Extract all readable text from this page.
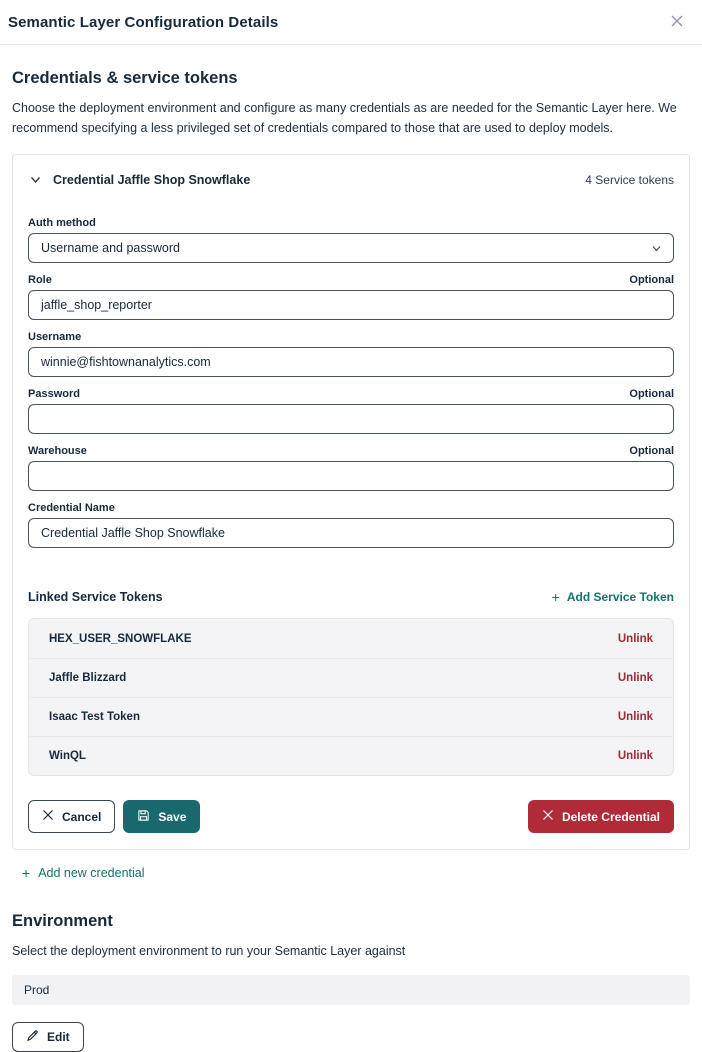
Semantic Layer Configuration Details
Credentials & service tokens

Choose the deployment environment and configure as many credentials as are needed for the Semantic Layer here. We recommend specifying a less privileged set of credentials compared to those that are used to deploy models.

Credential Jaffle Shop Snowflake	4 Service tokens
Auth method
Username and password
Role	Optional
jaffle_shop_reporter
Username
winnie@fishtownanalytics.com
Password	Optional
Warehouse	Optional
Credential Name
Credential Jaffle Shop Snowflake
Linked Service Tokens	+ Add Service Token
HEX_USER_SNOWFLAKE	Unlink
Jaffle Blizzard	Unlink
Isaac Test Token	Unlink
WinQL	Unlink
Cancel	Save	Delete Credential
+ Add new credential
Environment

Select the deployment environment to run your Semantic Layer against

Prod
Edit
